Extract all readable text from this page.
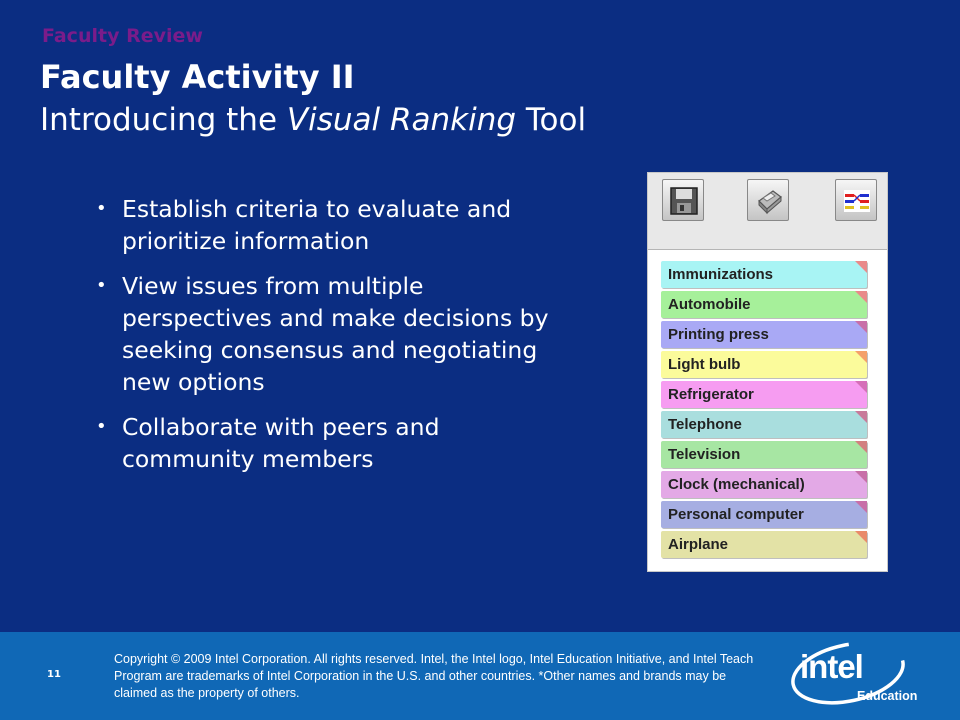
Faculty Review
Faculty Activity II
Introducing the Visual Ranking Tool
• Establish criteria to evaluate and prioritize information
• View issues from multiple perspectives and make decisions by seeking consensus and negotiating new options
• Collaborate with peers and community members
Immunizations
Automobile
Printing press
Light bulb
Refrigerator
Telephone
Television
Clock (mechanical)
Personal computer
Airplane
11
Copyright © 2009 Intel Corporation. All rights reserved. Intel, the Intel logo, Intel Education Initiative, and Intel Teach Program are trademarks of Intel Corporation in the U.S. and other countries. *Other names and brands may be claimed as the property of others.
intel
Education
